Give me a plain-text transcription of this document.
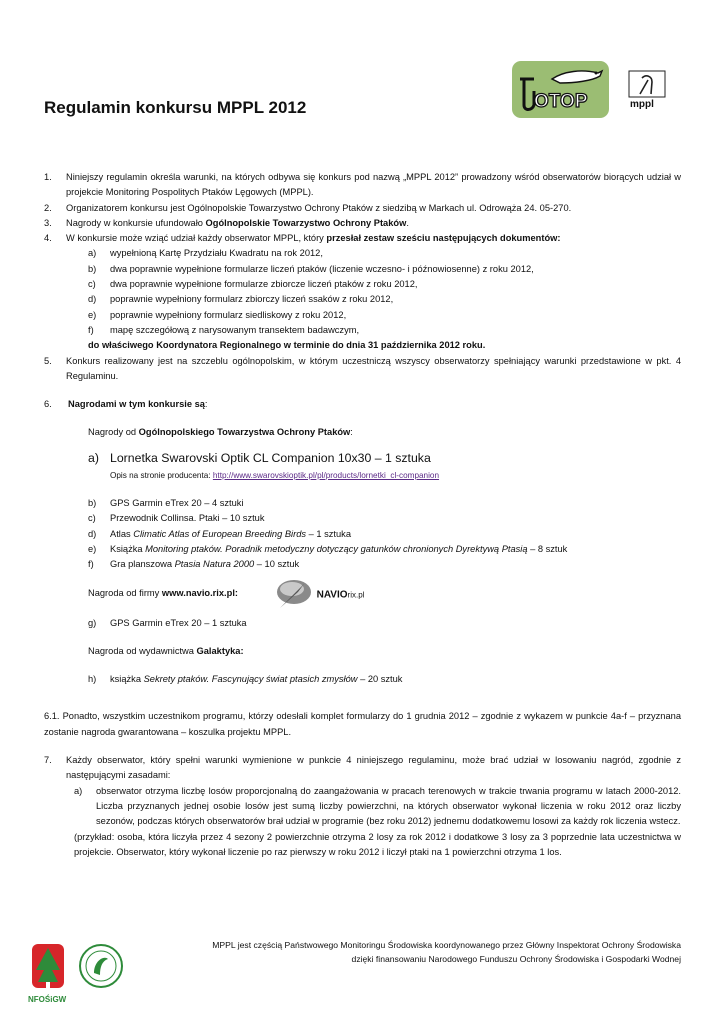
Regulamin konkursu MPPL 2012	OTOP	mppl
1.	Niniejszy regulamin określa warunki, na których odbywa się konkurs pod nazwą „MPPL 2012” prowadzony wśród obserwatorów biorących udział w projekcie Monitoring Pospolitych Ptaków Lęgowych (MPPL).
2.	Organizatorem konkursu jest Ogólnopolskie Towarzystwo Ochrony Ptaków z siedzibą w Markach ul. Odrowąża 24. 05-270.
3.	Nagrody w konkursie ufundowało Ogólnopolskie Towarzystwo Ochrony Ptaków.
4.	W konkursie może wziąć udział każdy obserwator MPPL, który przesłał zestaw sześciu następujących dokumentów:
a) wypełnioną Kartę Przydziału Kwadratu na rok 2012,
b) dwa poprawnie wypełnione formularze liczeń ptaków (liczenie wczesno- i późnowiosenne) z roku 2012,
c) dwa poprawnie wypełnione formularze zbiorcze liczeń ptaków z roku 2012,
d) poprawnie wypełniony formularz zbiorczy liczeń ssaków z roku 2012,
e) poprawnie wypełniony formularz siedliskowy z roku 2012,
f) mapę szczegółową z narysowanym transektem badawczym,
do właściwego Koordynatora Regionalnego w terminie do dnia 31 października 2012 roku.
5.	Konkurs realizowany jest na szczeblu ogólnopolskim, w którym uczestniczą wszyscy obserwatorzy spełniający warunki przedstawione w pkt. 4 Regulaminu.
6.	Nagrodami w tym konkursie są:
Nagrody od Ogólnopolskiego Towarzystwa Ochrony Ptaków:
a) Lornetka Swarovski Optik CL Companion 10x30 – 1 sztuka
Opis na stronie producenta: http://www.swarovskioptik.pl/pl/products/lornetki_cl-companion
b) GPS Garmin eTrex 20 – 4 sztuki
c) Przewodnik Collinsa. Ptaki – 10 sztuk
d) Atlas Climatic Atlas of European Breeding Birds – 1 sztuka
e) Książka Monitoring ptaków. Poradnik metodyczny dotyczący gatunków chronionych Dyrektywą Ptasią – 8 sztuk
f) Gra planszowa Ptasia Natura 2000 – 10 sztuk
Nagroda od firmy www.navio.rix.pl:	NAVIOrix.pl
g) GPS Garmin eTrex 20 – 1 sztuka
Nagroda od wydawnictwa Galaktyka:
h) książka Sekrety ptaków. Fascynujący świat ptasich zmysłów – 20 sztuk
6.1. Ponadto, wszystkim uczestnikom programu, którzy odesłali komplet formularzy do 1 grudnia 2012 – zgodnie z wykazem w punkcie 4a-f – przyznana zostanie nagroda gwarantowana – koszulka projektu MPPL.
7.	Każdy obserwator, który spełni warunki wymienione w punkcie 4 niniejszego regulaminu, może brać udział w losowaniu nagród, zgodnie z następującymi zasadami:
a) obserwator otrzyma liczbę losów proporcjonalną do zaangażowania w pracach terenowych w trakcie trwania programu w latach 2000-2012. Liczba przyznanych jednej osobie losów jest sumą liczby powierzchni, na których obserwator wykonał liczenia w roku 2012 oraz liczby sezonów, podczas których obserwatorów brał udział w programie (bez roku 2012) jednemu dodatkowemu losowi za każdy rok liczenia wstecz.
(przykład: osoba, która liczyła przez 4 sezony 2 powierzchnie otrzyma 2 losy za rok 2012 i dodatkowe 3 losy za 3 poprzednie lata uczestnictwa w projekcie. Obserwator, który wykonał liczenie po raz pierwszy w roku 2012 i liczył ptaki na 1 powierzchni otrzyma 1 los.
NFOŚiGW
MPPL jest częścią Państwowego Monitoringu Środowiska koordynowanego przez Główny Inspektorat Ochrony Środowiska
dzięki finansowaniu Narodowego Funduszu Ochrony Środowiska i Gospodarki Wodnej
